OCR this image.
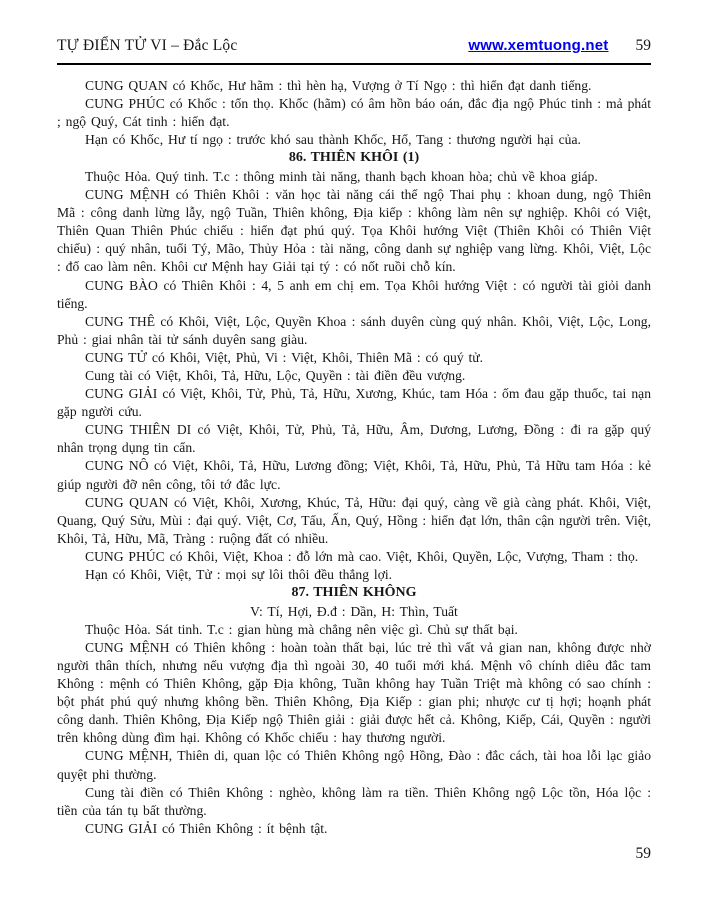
TỰ ĐIỂN TỬ VI – Đắc Lộc	www.xemtuong.net 59

CUNG QUAN có Khốc, Hư hãm : thì hèn hạ, Vượng ở Tí Ngọ : thì hiển đạt danh tiếng.

CUNG PHÚC có Khốc : tổn thọ. Khốc (hãm) có âm hồn báo oán, đắc địa ngộ Phúc tinh : mả phát ; ngộ Quý, Cát tinh : hiển đạt.

Hạn có Khốc, Hư tí ngọ : trước khó sau thành Khốc, Hổ, Tang : thương người hại của.

86. THIÊN KHÔI (1)

Thuộc Hỏa. Quý tinh. T.c : thông minh tài năng, thanh bạch khoan hòa; chủ về khoa giáp.

CUNG MỆNH có Thiên Khôi : văn học tài năng cái thế ngộ Thai phụ : khoan dung, ngộ Thiên Mã : công danh lừng lẫy, ngộ Tuần, Thiên không, Địa kiếp : không làm nên sự nghiệp. Khôi có Việt, Thiên Quan Thiên Phúc chiếu : hiển đạt phú quý. Tọa Khôi hướng Việt (Thiên Khôi có Thiên Việt chiếu) : quý nhân, tuổi Tý, Mão, Thủy Hỏa : tài năng, công danh sự nghiệp vang lừng. Khôi, Việt, Lộc : đổ cao làm nên. Khôi cư Mệnh hay Giải tại tý : có nốt ruồi chỗ kín.

CUNG BÀO có Thiên Khôi : 4, 5 anh em chị em. Tọa Khôi hướng Việt : có người tài giỏi danh tiếng.

CUNG THÊ có Khôi, Việt, Lộc, Quyền Khoa : sánh duyên cùng quý nhân. Khôi, Việt, Lộc, Long, Phủ : giai nhân tài tử sánh duyên sang giàu.

CUNG TỬ có Khôi, Việt, Phủ, Vi : Việt, Khôi, Thiên Mã : có quý tử.

Cung tài có Việt, Khôi, Tả, Hữu, Lộc, Quyền : tài điền đều vượng.

CUNG GIẢI có Việt, Khôi, Tử, Phủ, Tả, Hữu, Xương, Khúc, tam Hóa : ốm đau gặp thuốc, tai nạn gặp người cứu.

CUNG THIÊN DI có Việt, Khôi, Tử, Phủ, Tả, Hữu, Âm, Dương, Lương, Đồng : đi ra gặp quý nhân trọng dụng tin cẩn.

CUNG NÔ có Việt, Khôi, Tả, Hữu, Lương đồng; Việt, Khôi, Tả, Hữu, Phủ, Tả Hữu tam Hóa : kẻ giúp người đỡ nên công, tôi tớ đắc lực.

CUNG QUAN có Việt, Khôi, Xương, Khúc, Tả, Hữu: đại quý, càng về già càng phát. Khôi, Việt, Quang, Quý Sửu, Mùi : đại quý. Việt, Cơ, Tấu, Ấn, Quý, Hồng : hiển đạt lớn, thân cận người trên. Việt, Khôi, Tả, Hữu, Mã, Tràng : ruộng đất có nhiều.

CUNG PHÚC có Khôi, Việt, Khoa : đỗ lớn mà cao. Việt, Khôi, Quyền, Lộc, Vượng, Tham : thọ.

Hạn có Khôi, Việt, Tử : mọi sự lôi thôi đều thắng lợi.

87. THIÊN KHÔNG

V: Tí, Hợi, Đ.đ : Dần, H: Thìn, Tuất

Thuộc Hỏa. Sát tinh. T.c : gian hùng mà chẳng nên việc gì. Chủ sự thất bại.

CUNG MỆNH có Thiên không : hoàn toàn thất bại, lúc trẻ thì vất vả gian nan, không được nhờ người thân thích, nhưng nếu vượng địa thì ngoài 30, 40 tuổi mới khá. Mệnh vô chính diêu đắc tam Không : mệnh có Thiên Không, gặp Địa không, Tuần không hay Tuần Triệt mà không có sao chính : bột phát phú quý nhưng không bền. Thiên Không, Địa Kiếp : gian phi; nhược cư tị hợi; hoạnh phát công danh. Thiên Không, Địa Kiếp ngộ Thiên giải : giải được hết cả. Không, Kiếp, Cái, Quyền : người trên không dùng đìm hại. Không có Khốc chiếu : hay thương người.

CUNG MỆNH, Thiên di, quan lộc có Thiên Không ngộ Hồng, Đào : đắc cách, tài hoa lỗi lạc giảo quyệt phi thường.

Cung tài điền có Thiên Không : nghèo, không làm ra tiền. Thiên Không ngộ Lộc tồn, Hóa lộc : tiền của tán tụ bất thường.

CUNG GIẢI có Thiên Không : ít bệnh tật.

59
